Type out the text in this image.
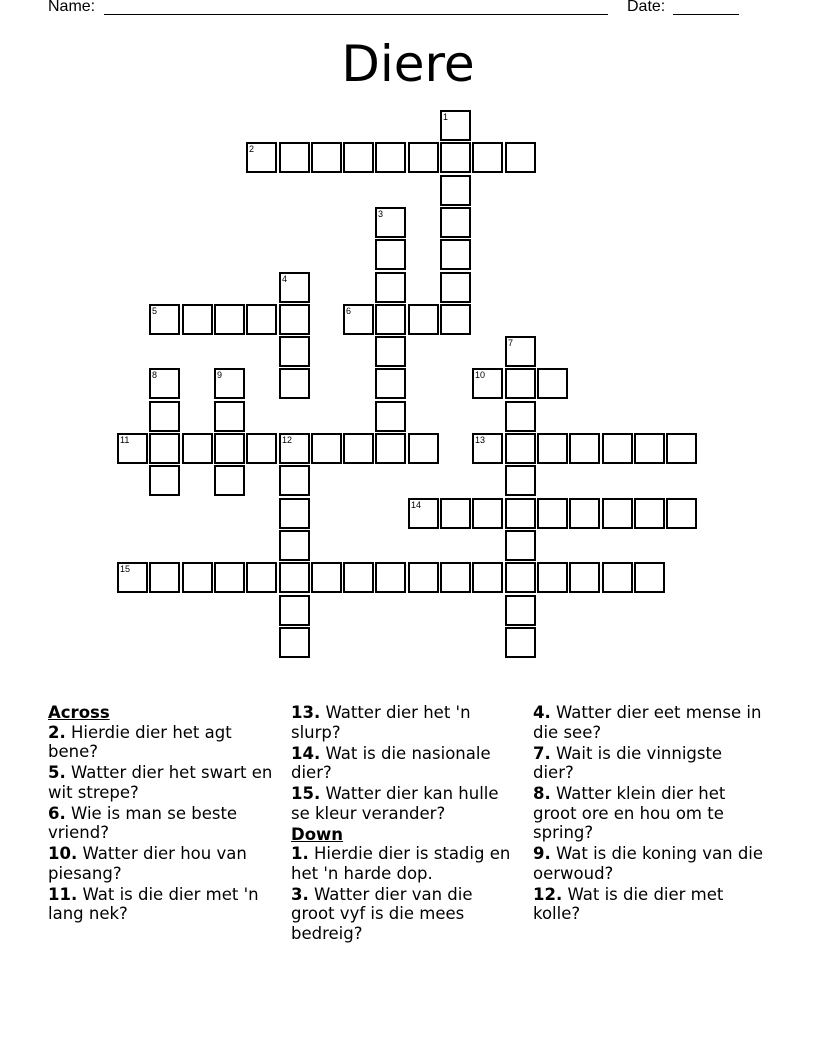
Name:	Date:
Diere
2
5	6
10
11	12	13
14
15
1
3
4
7
8	9
Across
2. Hierdie dier het agt bene?
5. Watter dier het swart en wit strepe?
6. Wie is man se beste vriend?
10. Watter dier hou van piesang?
11. Wat is die dier met 'n lang nek?
13. Watter dier het 'n slurp?
14. Wat is die nasionale dier?
15. Watter dier kan hulle se kleur verander?
Down
1. Hierdie dier is stadig en het 'n harde dop.
3. Watter dier van die groot vyf is die mees bedreig?
4. Watter dier eet mense in die see?
7. Wait is die vinnigste dier?
8. Watter klein dier het groot ore en hou om te spring?
9. Wat is die koning van die oerwoud?
12. Wat is die dier met kolle?
